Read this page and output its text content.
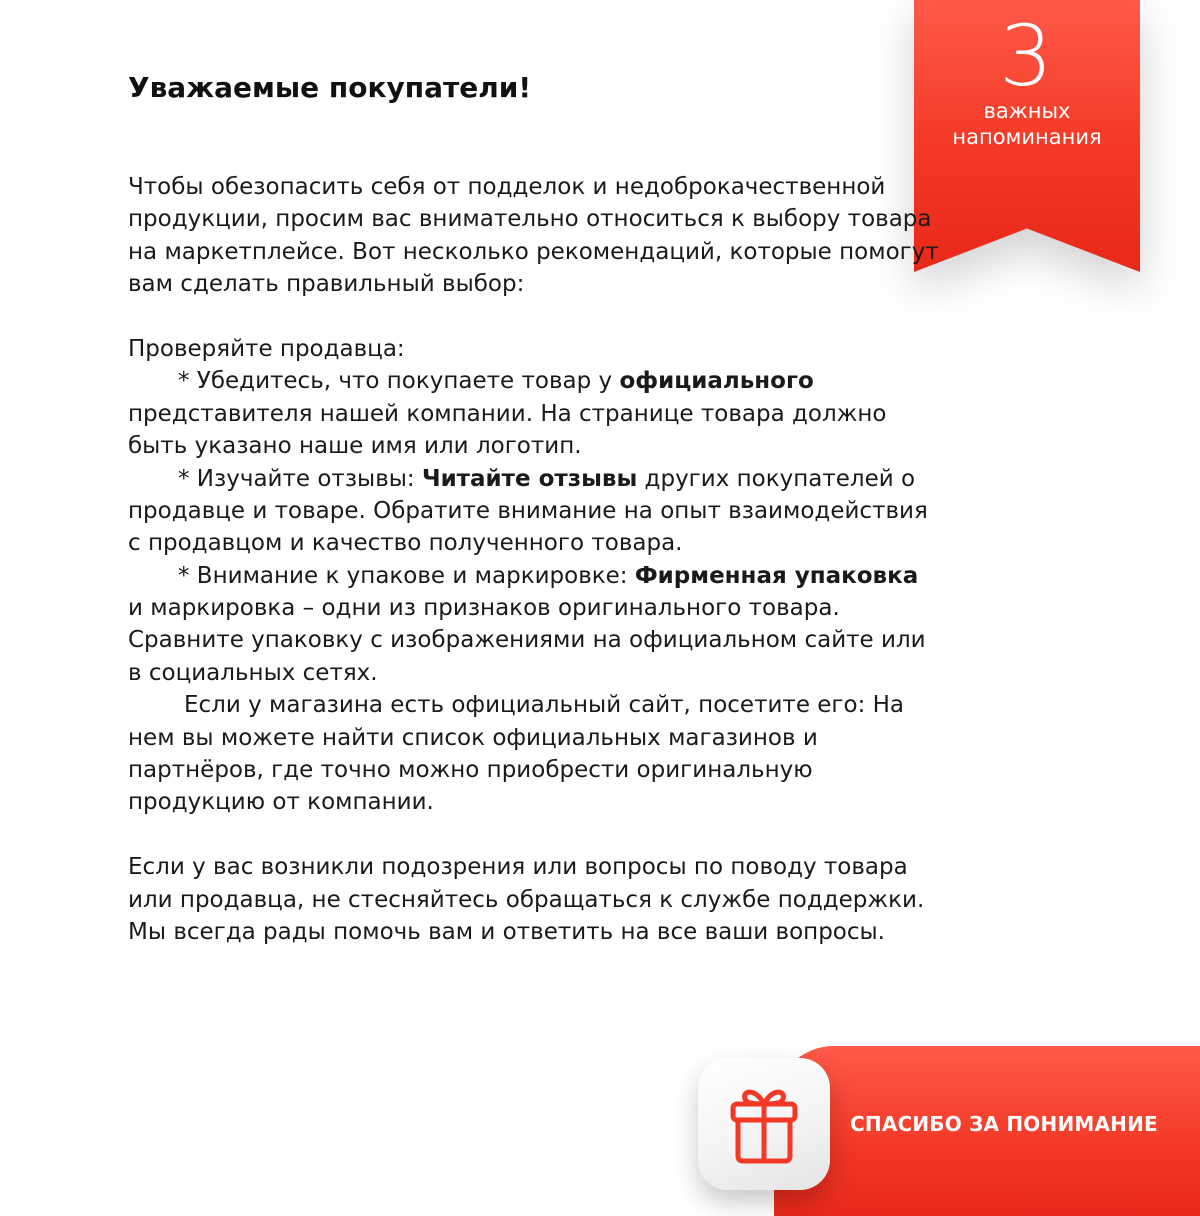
3
важных
напоминания
Уважаемые покупатели!
Чтобы обезопасить себя от подделок и недоброкачественной
продукции, просим вас внимательно относиться к выбору товара
на маркетплейсе. Вот несколько рекомендаций, которые помогут
вам сделать правильный выбор:
Проверяйте продавца:
* Убедитесь, что покупаете товар у официального
представителя нашей компании. На странице товара должно
быть указано наше имя или логотип.
* Изучайте отзывы: Читайте отзывы других покупателей о
продавце и товаре. Обратите внимание на опыт взаимодействия
с продавцом и качество полученного товара.
* Внимание к упакове и маркировке: Фирменная упаковка
и маркировка – одни из признаков оригинального товара.
Сравните упаковку с изображениями на официальном сайте или
в социальных сетях.
Если у магазина есть официальный сайт, посетите его: На
нем вы можете найти список официальных магазинов и
партнёров, где точно можно приобрести оригинальную
продукцию от компании.
Если у вас возникли подозрения или вопросы по поводу товара
или продавца, не стесняйтесь обращаться к службе поддержки.
Мы всегда рады помочь вам и ответить на все ваши вопросы.
СПАСИБО ЗА ПОНИМАНИЕ
